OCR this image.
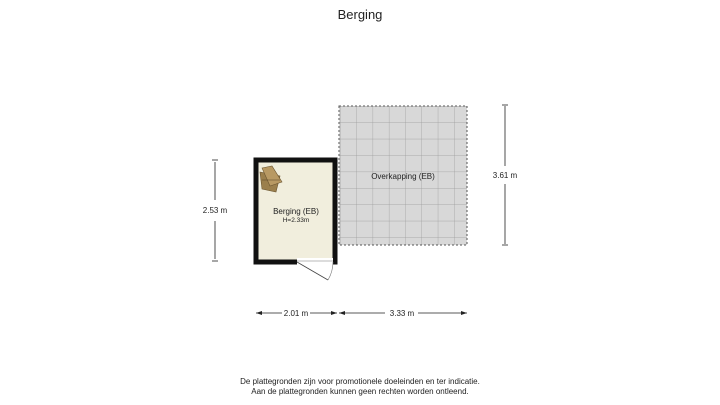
Berging
Overkapping (EB)
Berging (EB)
H=2.33m
2.53 m
3.61 m
2.01 m	3.33 m
De plattegronden zijn voor promotionele doeleinden en ter indicatie.
Aan de plattegronden kunnen geen rechten worden ontleend.
